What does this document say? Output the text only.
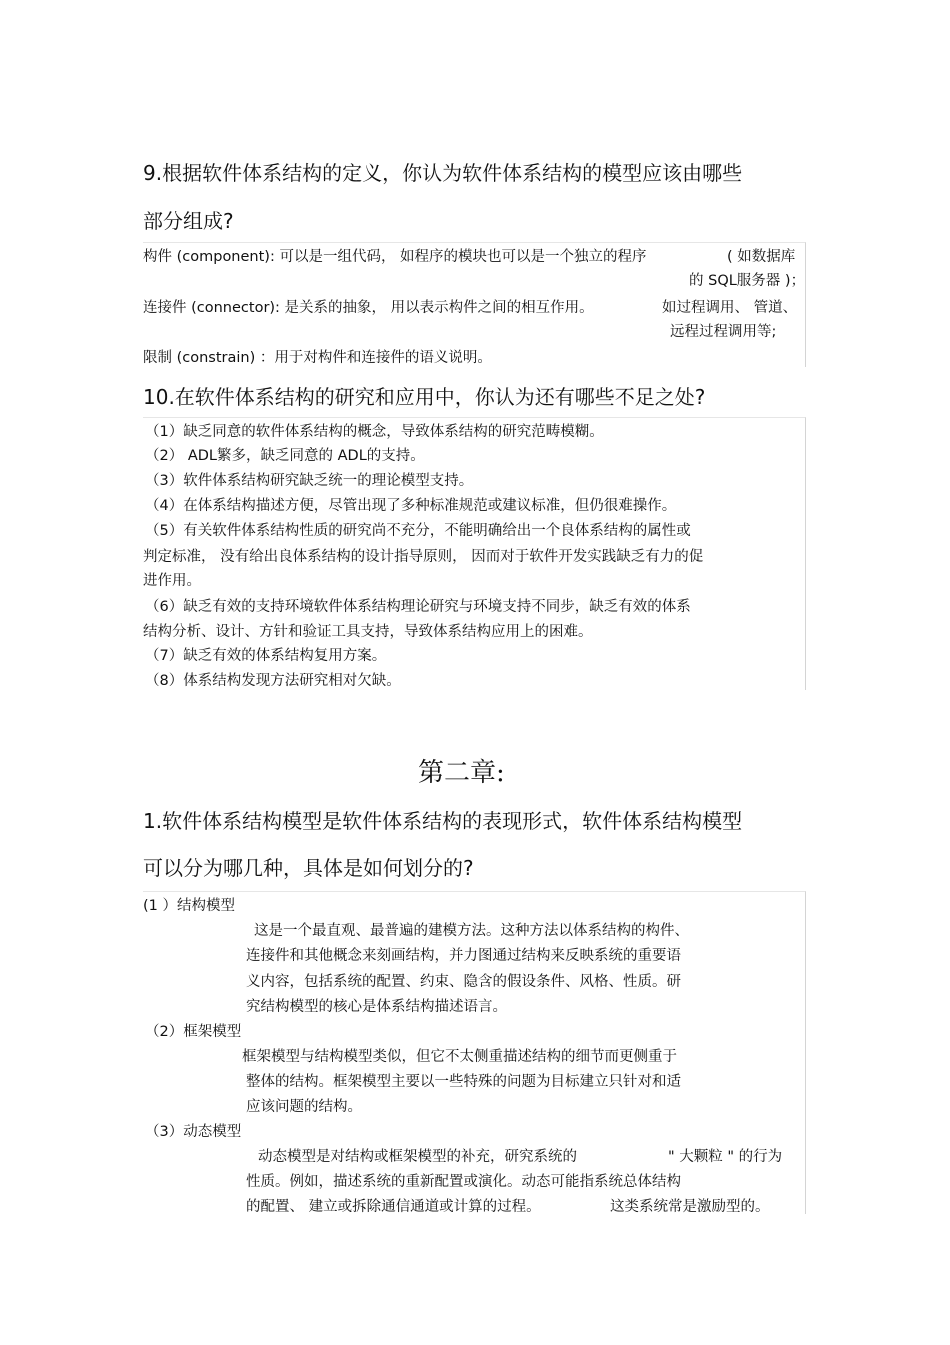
9.根据软件体系结构的定义，你认为软件体系结构的模型应该由哪些
部分组成?
构件 (component): 可以是一组代码， 如程序的模块也可以是一个独立的程序	( 如数据库
的 SQL服务器 )；
连接件 (connector): 是关系的抽象， 用以表示构件之间的相互作用。	如过程调用、 管道、
远程过程调用等;
限制 (constrain) ：用于对构件和连接件的语义说明。
10.在软件体系结构的研究和应用中，你认为还有哪些不足之处?
（1）缺乏同意的软件体系结构的概念，导致体系结构的研究范畴模糊。
（2） ADL繁多，缺乏同意的 ADL的支持。
（3）软件体系结构研究缺乏统一的理论模型支持。
（4）在体系结构描述方便，尽管出现了多种标准规范或建议标准，但仍很难操作。
（5）有关软件体系结构性质的研究尚不充分，不能明确给出一个良体系结构的属性或
判定标准， 没有给出良体系结构的设计指导原则， 因而对于软件开发实践缺乏有力的促
进作用。
（6）缺乏有效的支持环境软件体系结构理论研究与环境支持不同步，缺乏有效的体系
结构分析、设计、方针和验证工具支持，导致体系结构应用上的困难。
（7）缺乏有效的体系结构复用方案。
（8）体系结构发现方法研究相对欠缺。
第二章:
1.软件体系结构模型是软件体系结构的表现形式，软件体系结构模型
可以分为哪几种，具体是如何划分的?
(1 ）结构模型
这是一个最直观、最普遍的建模方法。这种方法以体系结构的构件、
连接件和其他概念来刻画结构，并力图通过结构来反映系统的重要语
义内容，包括系统的配置、约束、隐含的假设条件、风格、性质。研
究结构模型的核心是体系结构描述语言。
（2）框架模型
框架模型与结构模型类似，但它不太侧重描述结构的细节而更侧重于
整体的结构。框架模型主要以一些特殊的问题为目标建立只针对和适
应该问题的结构。
（3）动态模型
动态模型是对结构或框架模型的补充，研究系统的	" 大颗粒 " 的行为
性质。例如，描述系统的重新配置或演化。动态可能指系统总体结构
的配置、 建立或拆除通信通道或计算的过程。	这类系统常是激励型的。
